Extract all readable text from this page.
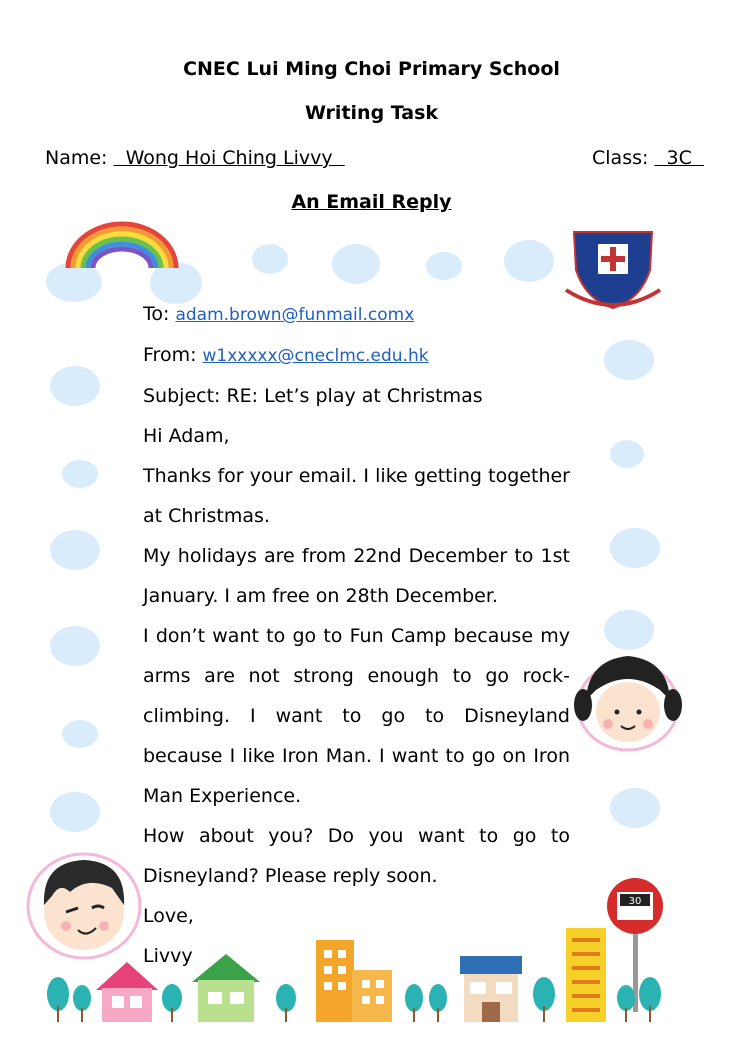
30
CNEC Lui Ming Choi Primary School
Writing Task
Name:   Wong Hoi Ching Livvy	Class:   3C
An Email Reply

To: adam.brown@funmail.comx

From: w1xxxxx@cneclmc.edu.hk

Subject: RE: Let’s play at Christmas

Hi Adam,

Thanks for your email. I like getting together at Christmas.

My holidays are from 22nd December to 1st January. I am free on 28th December.

I don’t want to go to Fun Camp because my arms are not strong enough to go rock-climbing. I want to go to Disneyland because I like Iron Man. I want to go on Iron Man Experience.

How about you? Do you want to go to Disneyland? Please reply soon.

Love,

Livvy
